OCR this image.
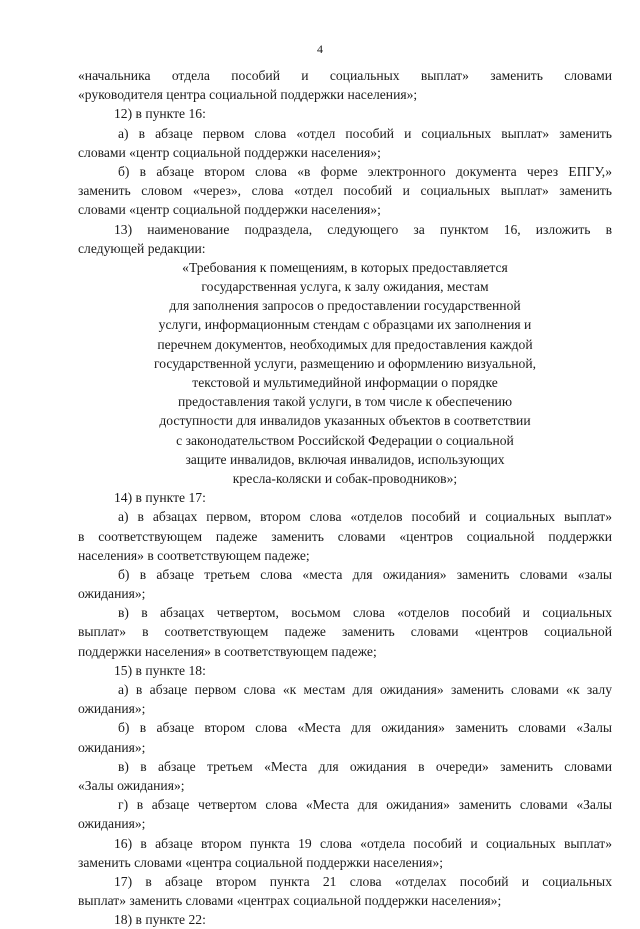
4
«начальника отдела пособий и социальных выплат» заменить словами
«руководителя центра социальной поддержки населения»;
12) в пункте 16:
а) в абзаце первом слова «отдел пособий и социальных выплат» заменить
словами «центр социальной поддержки населения»;
б) в абзаце втором слова «в форме электронного документа через ЕПГУ,»
заменить словом «через», слова «отдел пособий и социальных выплат» заменить
словами «центр социальной поддержки населения»;
13) наименование подраздела, следующего за пунктом 16, изложить в
следующей редакции:
«Требования к помещениям, в которых предоставляется
государственная услуга, к залу ожидания, местам
для заполнения запросов о предоставлении государственной
услуги, информационным стендам с образцами их заполнения и
перечнем документов, необходимых для предоставления каждой
государственной услуги, размещению и оформлению визуальной,
текстовой и мультимедийной информации о порядке
предоставления такой услуги, в том числе к обеспечению
доступности для инвалидов указанных объектов в соответствии
с законодательством Российской Федерации о социальной
защите инвалидов, включая инвалидов, использующих
кресла-коляски и собак-проводников»;
14) в пункте 17:
а) в абзацах первом, втором слова «отделов пособий и социальных выплат»
в соответствующем падеже заменить словами «центров социальной поддержки
населения» в соответствующем падеже;
б) в абзаце третьем слова «места для ожидания» заменить словами «залы
ожидания»;
в) в абзацах четвертом, восьмом слова «отделов пособий и социальных
выплат» в соответствующем падеже заменить словами «центров социальной
поддержки населения» в соответствующем падеже;
15) в пункте 18:
а) в абзаце первом слова «к местам для ожидания» заменить словами «к залу
ожидания»;
б) в абзаце втором слова «Места для ожидания» заменить словами «Залы
ожидания»;
в) в абзаце третьем «Места для ожидания в очереди» заменить словами
«Залы ожидания»;
г) в абзаце четвертом слова «Места для ожидания» заменить словами «Залы
ожидания»;
16) в абзаце втором пункта 19 слова «отдела пособий и социальных выплат»
заменить словами «центра социальной поддержки населения»;
17) в абзаце втором пункта 21 слова «отделах пособий и социальных
выплат» заменить словами «центрах социальной поддержки населения»;
18) в пункте 22:
